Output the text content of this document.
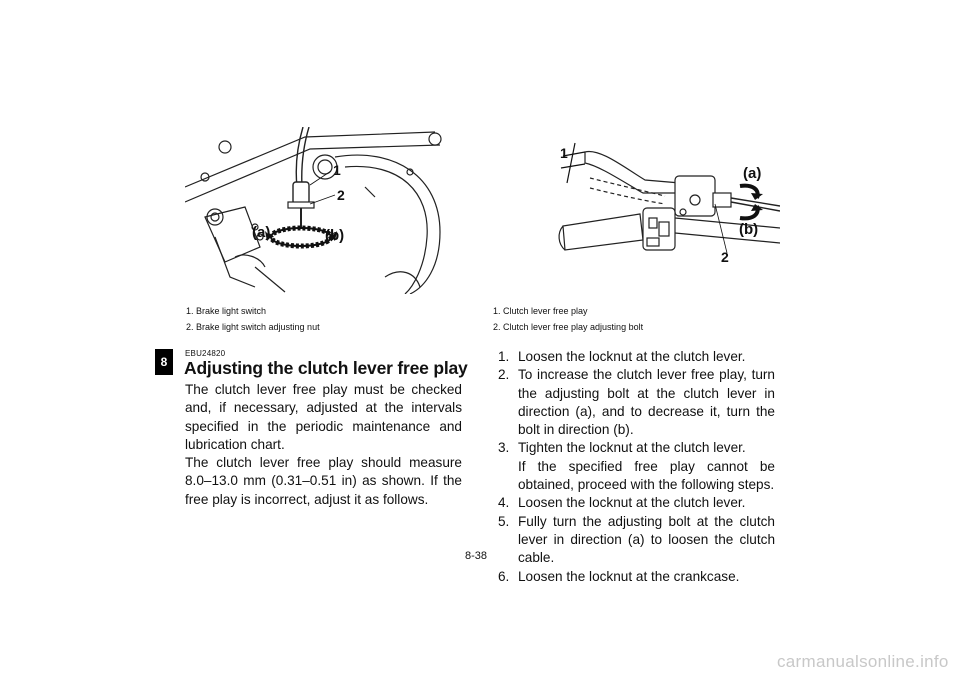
8
1
2
(a)	(b)
1. Brake light switch
2. Brake light switch adjusting nut
1
(a)
(b)
2
1. Clutch lever free play
2. Clutch lever free play adjusting bolt
EBU24820
Adjusting the clutch lever free play
The clutch lever free play must be checked and, if necessary, adjusted at the intervals specified in the periodic maintenance and lubrication chart.
The clutch lever free play should measure 8.0–13.0 mm (0.31–0.51 in) as shown. If the free play is incorrect, adjust it as follows.
1. Loosen the locknut at the clutch lever.
2. To increase the clutch lever free play, turn the adjusting bolt at the clutch lever in direction (a), and to decrease it, turn the bolt in direction (b).
3. Tighten the locknut at the clutch lever.
If the specified free play cannot be obtained, proceed with the following steps.
4. Loosen the locknut at the clutch lever.
5. Fully turn the adjusting bolt at the clutch lever in direction (a) to loosen the clutch cable.
6. Loosen the locknut at the crankcase.
8-38
carmanualsonline.info
